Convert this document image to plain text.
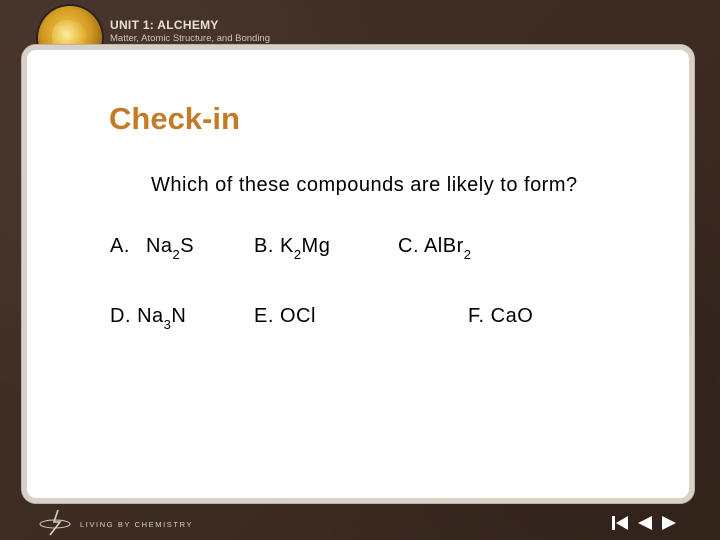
UNIT 1: ALCHEMY
Matter, Atomic Structure, and Bonding
Check-in
Which of these compounds are likely to form?
A. $Na_2S$	B. $K_2Mg$	C. AlBr$_2$
D. $Na_3N$	E. OCl	F. CaO
LIVING BY CHEMISTRY
